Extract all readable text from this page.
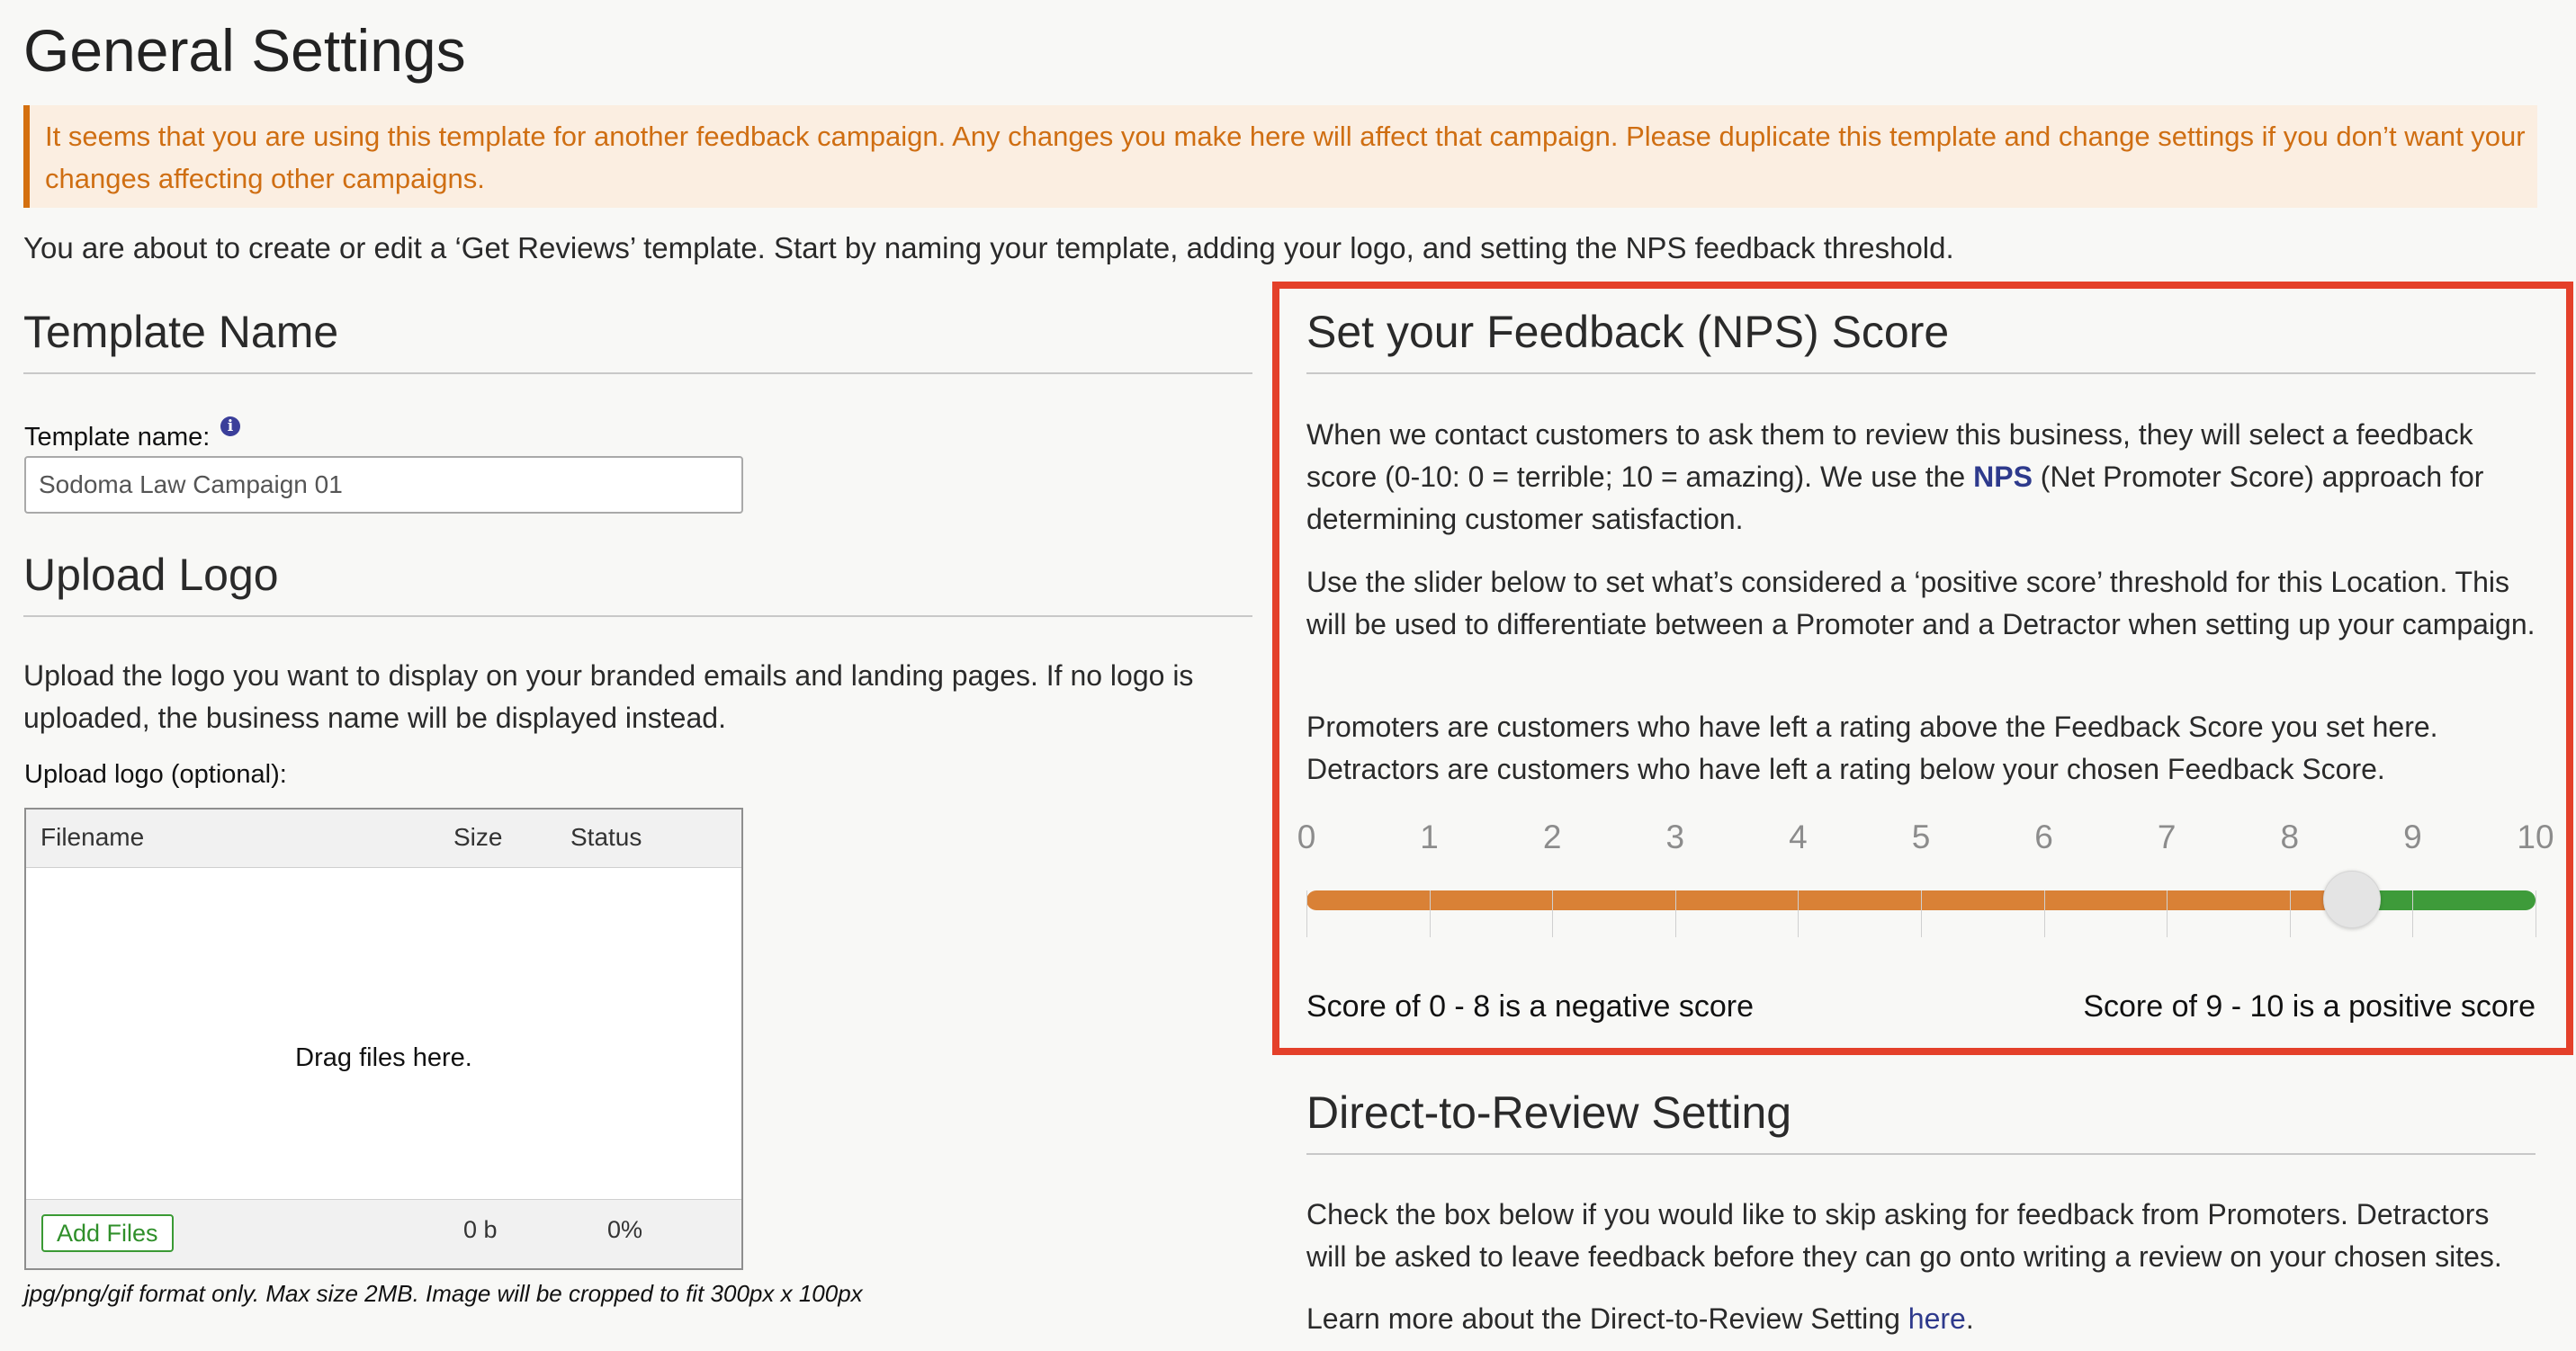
General Settings
It seems that you are using this template for another feedback campaign. Any changes you make here will affect that campaign. Please duplicate this template and change settings if you don’t want your changes affecting other campaigns.
You are about to create or edit a ‘Get Reviews’ template. Start by naming your template, adding your logo, and setting the NPS feedback threshold.
Template Name
Template name:	i
Sodoma Law Campaign 01
Upload Logo
Upload the logo you want to display on your branded emails and landing pages. If no logo is uploaded, the business name will be displayed instead.
Upload logo (optional):
Filename	Size	Status
Drag files here.
Add Files	0 b	0%
jpg/png/gif format only. Max size 2MB. Image will be cropped to fit 300px x 100px
Set your Feedback (NPS) Score
When we contact customers to ask them to review this business, they will select a feedback score (0-10: 0 = terrible; 10 = amazing). We use the NPS (Net Promoter Score) approach for determining customer satisfaction.
Use the slider below to set what’s considered a ‘positive score’ threshold for this Location. This will be used to differentiate between a Promoter and a Detractor when setting up your campaign.
Promoters are customers who have left a rating above the Feedback Score you set here. Detractors are customers who have left a rating below your chosen Feedback Score.
0	1	2	3	4	5	6	7	8	9	10
Score of 0 - 8 is a negative score	Score of 9 - 10 is a positive score
Direct-to-Review Setting
Check the box below if you would like to skip asking for feedback from Promoters. Detractors will be asked to leave feedback before they can go onto writing a review on your chosen sites.
Learn more about the Direct-to-Review Setting here.
